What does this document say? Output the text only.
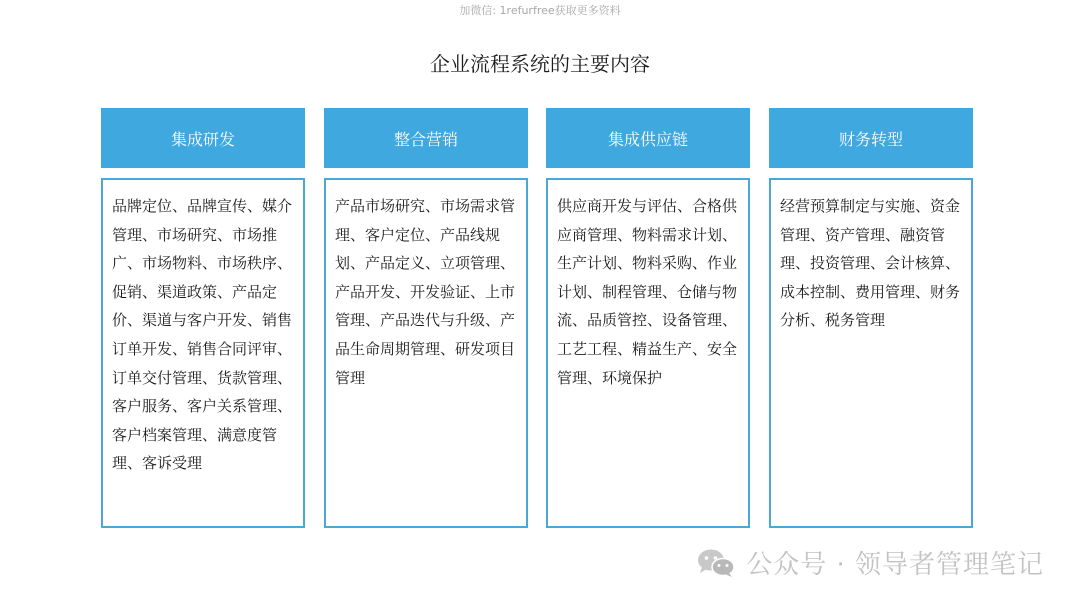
加微信: 1refurfree获取更多资料
企业流程系统的主要内容
集成研发
品牌定位、品牌宣传、媒介管理、市场研究、市场推广、市场物料、市场秩序、促销、渠道政策、产品定价、渠道与客户开发、销售订单开发、销售合同评审、订单交付管理、货款管理、客户服务、客户关系管理、客户档案管理、满意度管理、客诉受理
整合营销
产品市场研究、市场需求管理、客户定位、产品线规划、产品定义、立项管理、产品开发、开发验证、上市管理、产品迭代与升级、产品生命周期管理、研发项目管理
集成供应链
供应商开发与评估、合格供应商管理、物料需求计划、生产计划、物料采购、作业计划、制程管理、仓储与物流、品质管控、设备管理、工艺工程、精益生产、安全管理、环境保护
财务转型
经营预算制定与实施、资金管理、资产管理、融资管理、投资管理、会计核算、成本控制、费用管理、财务分析、税务管理
公众号 · 领导者管理笔记
